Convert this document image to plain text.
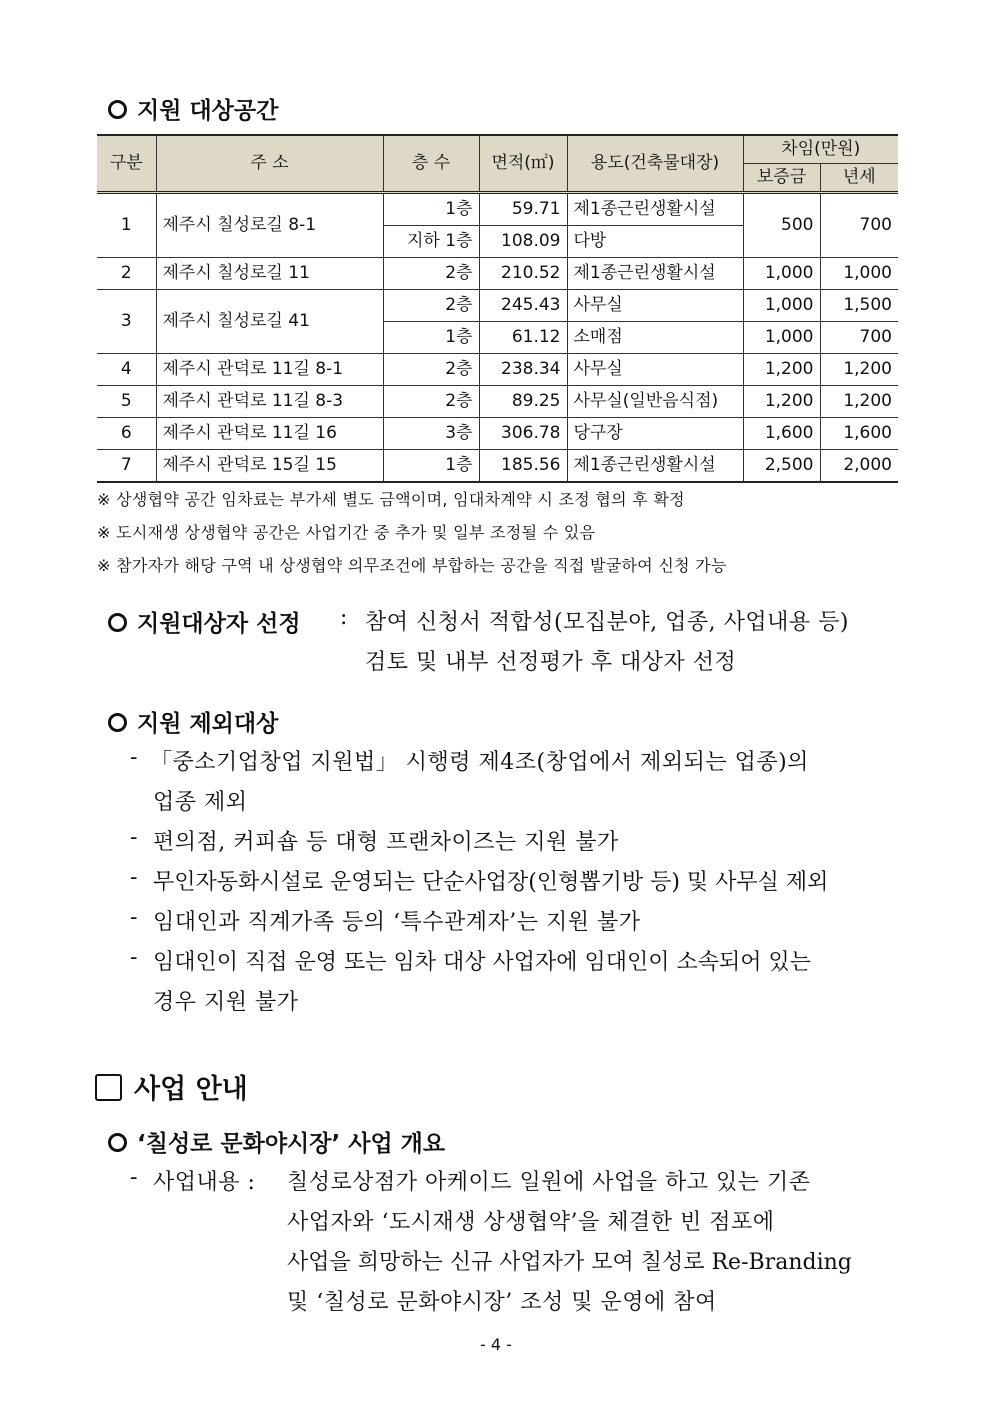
지원 대상공간
구분	주 소	층 수	면적(㎡)	용도(건축물대장)	차임(만원)	
					보증금	년세
1	제주시 칠성로길 8-1	1층	59.71	제1종근린생활시설	500	700
		지하 1층	108.09	다방		
2	제주시 칠성로길 11	2층	210.52	제1종근린생활시설	1,000	1,000
3	제주시 칠성로길 41	2층	245.43	사무실	1,000	1,500
		1층	61.12	소매점	1,000	700
4	제주시 관덕로 11길 8-1	2층	238.34	사무실	1,200	1,200
5	제주시 관덕로 11길 8-3	2층	89.25	사무실(일반음식점)	1,200	1,200
6	제주시 관덕로 11길 16	3층	306.78	당구장	1,600	1,600
7	제주시 관덕로 15길 15	1층	185.56	제1종근린생활시설	2,500	2,000
※ 상생협약 공간 임차료는 부가세 별도 금액이며, 임대차계약 시 조정 협의 후 확정
※ 도시재생 상생협약 공간은 사업기간 중 추가 및 일부 조정될 수 있음
※ 참가자가 해당 구역 내 상생협약 의무조건에 부합하는 공간을 직접 발굴하여 신청 가능
지원대상자 선정 : 참여 신청서 적합성(모집분야, 업종, 사업내용 등)
검토 및 내부 선정평가 후 대상자 선정
지원 제외대상
- 「중소기업창업 지원법」 시행령 제4조(창업에서 제외되는 업종)의
업종 제외
- 편의점, 커피숍 등 대형 프랜차이즈는 지원 불가
- 무인자동화시설로 운영되는 단순사업장(인형뽑기방 등) 및 사무실 제외
- 임대인과 직계가족 등의 ‘특수관계자’는 지원 불가
- 임대인이 직접 운영 또는 임차 대상 사업자에 임대인이 소속되어 있는
경우 지원 불가
사업 안내
‘칠성로 문화야시장’ 사업 개요
- 사업내용 : 칠성로상점가 아케이드 일원에 사업을 하고 있는 기존
사업자와 ‘도시재생 상생협약’을 체결한 빈 점포에
사업을 희망하는 신규 사업자가 모여 칠성로 Re-Branding
및 ‘칠성로 문화야시장’ 조성 및 운영에 참여
- 4 -
